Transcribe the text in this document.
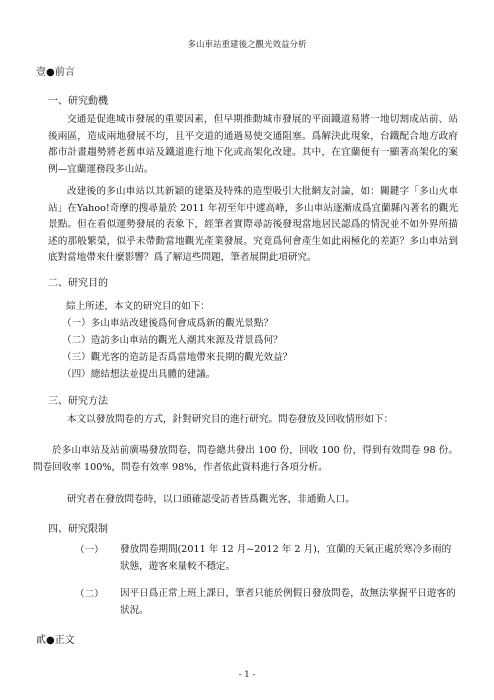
多山車站重建後之觀光效益分析
壹●前言
一、研究動機

交通是促進城市發展的重要因素，但早期推動城市發展的平面鐵道易將一地切割成站前、站後兩區，造成兩地發展不均，且平交道的通過易使交通阻塞。爲解決此現象，台鐵配合地方政府都市計畫趨勢將老舊車站及鐵道進行地下化或高架化改建。其中，在宜蘭便有一顯著高架化的案例—宜蘭運務段多山站。

改建後的多山車站以其新穎的建築及特殊的造型吸引大批網友討論，如：關鍵字「多山火車站」在Yahoo!奇摩的搜尋量於 2011 年初至年中遽高峰，多山車站逐漸成爲宜蘭縣內著名的觀光景點。但在看似運勢發展的表象下，經筆者實際尋訪後發現當地居民認爲的情況並不如外界所描述的那般繁榮，似乎未帶動當地觀光產業發展。究竟爲何會產生如此兩極化的差距？多山車站到底對當地帶來什麼影響？爲了解這些問題，筆者展開此項研究。

二、研究目的
綜上所述，本文的研究目的如下：
（一）多山車站改建後爲何會成爲新的觀光景點？
（二）造訪多山車站的觀光人潮其來源及背景爲何？
（三）觀光客的造訪是否爲當地帶來長期的觀光效益？
（四）總結想法並提出具體的建議。
三、研究方法

本文以發放問卷的方式，針對研究目的進行研究。問卷發放及回收情形如下：

於多山車站及站前廣場發放問卷，問卷總共發出 100 份，回收 100 份，得到有效問卷 98 份。問卷回收率 100%，問卷有效率 98%，作者依此資料進行各項分析。

研究者在發放問卷時，以口頭確認受訪者皆爲觀光客，非通勤人口。

四、研究限制
（一） 發放問卷期間(2011 年 12 月~2012 年 2 月)，宜蘭的天氣正處於寒冷多雨的狀態，遊客來量較不穩定。

（二） 因平日爲正常上班上課日，筆者只能於例假日發放問卷，故無法掌握平日遊客的狀況。

貳●正文
- 1 -
